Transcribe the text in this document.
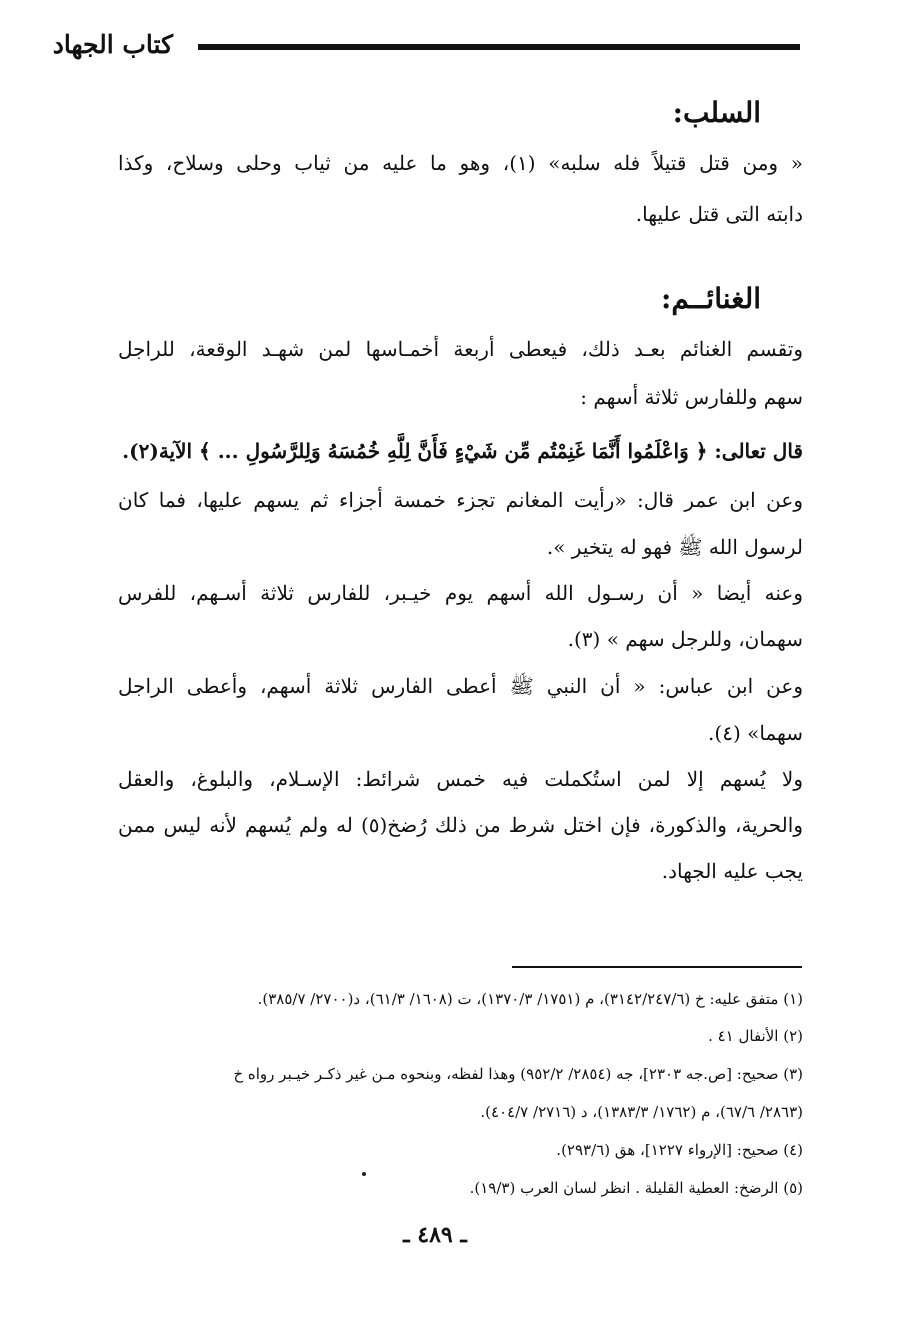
كتاب الجهاد
السلب:
« ومن قتل قتيلاً فله سلبه» (١)، وهو ما عليه من ثياب وحلى وسلاح، وكذا
دابته التى قتل عليها.
الغنائــم:
وتقسم الغنائم بعـد ذلك، فيعطى أربعة أخمـاسها لمن شهـد الوقعة، للراجل
سهم وللفارس ثلاثة أسهم :
قال تعالى: ﴿ وَاعْلَمُوا أَنَّمَا غَنِمْتُم مِّن شَيْءٍ فَأَنَّ لِلَّهِ خُمُسَهُ وَلِلرَّسُولِ ... ﴾ الآية(٢).
وعن ابن عمر قال: «رأيت المغانم تجزء خمسة أجزاء ثم يسهم عليها، فما كان
لرسول الله ﷺ فهو له يتخير ».
وعنه أيضا « أن رسـول الله أسهم يوم خيـبر، للفارس ثلاثة أسـهم، للفرس
سهمان، وللرجل سهم » (٣).
وعن ابن عباس: « أن النبي ﷺ أعطى الفارس ثلاثة أسهم، وأعطى الراجل
سهما» (٤).
ولا يُسهم إلا لمن استُكملت فيه خمس شرائط: الإسـلام، والبلوغ، والعقل
والحرية، والذكورة، فإن اختل شرط من ذلك رُضخ(٥) له ولم يُسهم لأنه ليس ممن
يجب عليه الجهاد.
(١) متفق عليه: خ (٣١٤٢/٢٤٧/٦)، م (١٧٥١/ ١٣٧٠/٣)، ت (١٦٠٨/ ٦١/٣)، د(٢٧٠٠/ ٣٨٥/٧).
(٢) الأنفال ٤١ .
(٣) صحيح: [ص.جه ٢٣٠٣]، جه (٢٨٥٤/ ٩٥٢/٢) وهذا لفظه، وبنحوه مـن غير ذكـر خيـبر رواه خ
(٢٨٦٣/ ٦٧/٦)، م (١٧٦٢/ ١٣٨٣/٣)، د (٢٧١٦/ ٤٠٤/٧).
(٤) صحيح: [الإرواء ١٢٢٧]، هق (٢٩٣/٦).
(٥) الرضخ: العطية القليلة . انظر لسان العرب (١٩/٣).
ـ ٤٨٩ ـ
